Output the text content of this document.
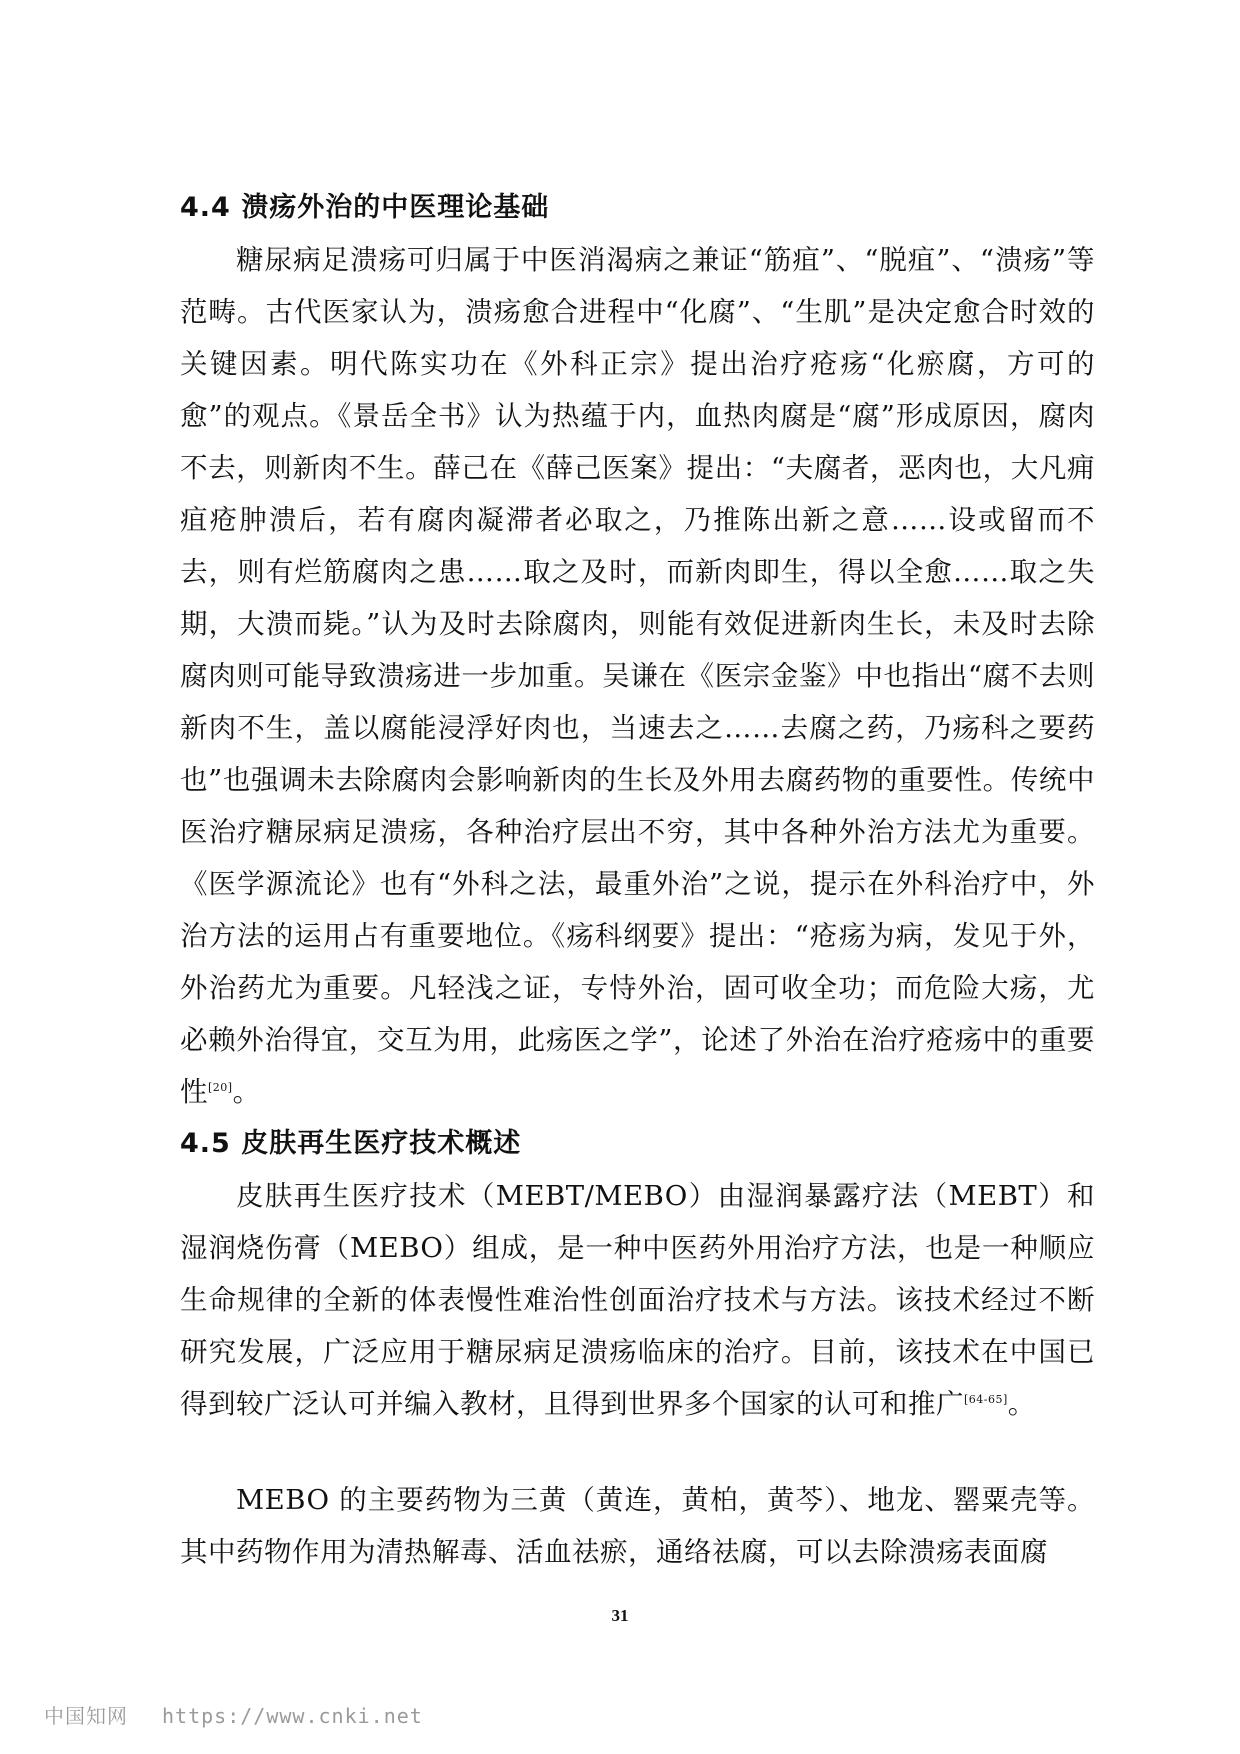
4.4 溃疡外治的中医理论基础

糖尿病足溃疡可归属于中医消渴病之兼证“筋疽”、“脱疽”、“溃疡”等范畴。古代医家认为，溃疡愈合进程中“化腐”、“生肌”是决定愈合时效的关键因素。明代陈实功在《外科正宗》提出治疗疮疡“化瘀腐，方可的愈”的观点。《景岳全书》认为热蕴于内，血热肉腐是“腐”形成原因，腐肉不去，则新肉不生。薛己在《薛己医案》提出：“夫腐者，恶肉也，大凡痈疽疮肿溃后，若有腐肉凝滞者必取之，乃推陈出新之意……设或留而不去，则有烂筋腐肉之患……取之及时，而新肉即生，得以全愈……取之失期，大溃而毙。”认为及时去除腐肉，则能有效促进新肉生长，未及时去除腐肉则可能导致溃疡进一步加重。吴谦在《医宗金鉴》中也指出“腐不去则新肉不生，盖以腐能浸浮好肉也，当速去之……去腐之药，乃疡科之要药也”也强调未去除腐肉会影响新肉的生长及外用去腐药物的重要性。传统中医治疗糖尿病足溃疡，各种治疗层出不穷，其中各种外治方法尤为重要。《医学源流论》也有“外科之法，最重外治”之说，提示在外科治疗中，外治方法的运用占有重要地位。《疡科纲要》提出：“疮疡为病，发见于外，外治药尤为重要。凡轻浅之证，专恃外治，固可收全功；而危险大疡，尤必赖外治得宜，交互为用，此疡医之学”，论述了外治在治疗疮疡中的重要性[20]。

4.5 皮肤再生医疗技术概述

皮肤再生医疗技术（MEBT/MEBO）由湿润暴露疗法（MEBT）和湿润烧伤膏（MEBO）组成，是一种中医药外用治疗方法，也是一种顺应生命规律的全新的体表慢性难治性创面治疗技术与方法。该技术经过不断研究发展，广泛应用于糖尿病足溃疡临床的治疗。目前，该技术在中国已得到较广泛认可并编入教材，且得到世界多个国家的认可和推广[64-65]。

MEBO 的主要药物为三黄（黄连，黄柏，黄芩）、地龙、罂粟壳等。其中药物作用为清热解毒、活血祛瘀，通络祛腐，可以去除溃疡表面腐

31
中国知网 https://www.cnki.net
